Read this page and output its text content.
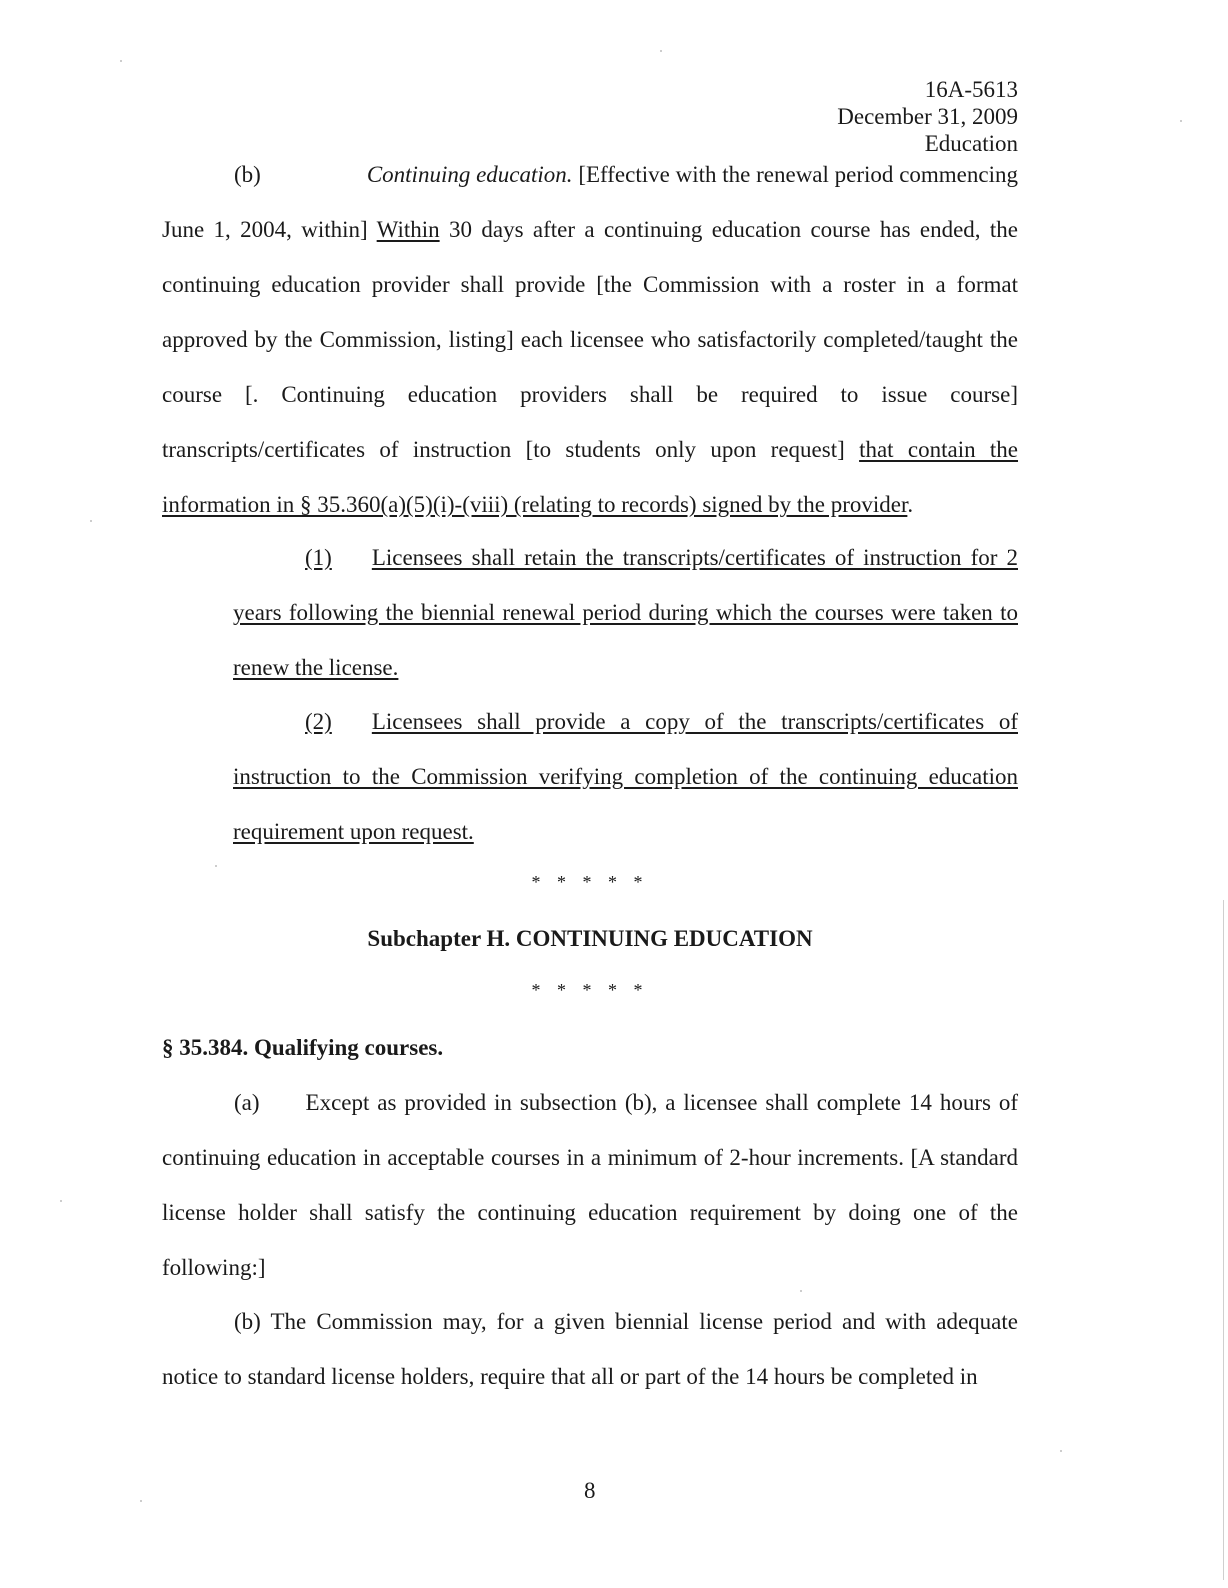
16A-5613
December 31, 2009
Education
(b)	Continuing education. [Effective with the renewal period commencing June 1, 2004, within] Within 30 days after a continuing education course has ended, the continuing education provider shall provide [the Commission with a roster in a format approved by the Commission, listing] each licensee who satisfactorily completed/taught the course [. Continuing education providers shall be required to issue course] transcripts/certificates of instruction [to students only upon request] that contain the information in § 35.360(a)(5)(i)-(viii) (relating to records) signed by the provider.
(1) Licensees shall retain the transcripts/certificates of instruction for 2 years following the biennial renewal period during which the courses were taken to renew the license.
(2) Licensees shall provide a copy of the transcripts/certificates of instruction to the Commission verifying completion of the continuing education requirement upon request.
* * * * *
Subchapter H. CONTINUING EDUCATION
* * * * *
§ 35.384. Qualifying courses.
(a) Except as provided in subsection (b), a licensee shall complete 14 hours of continuing education in acceptable courses in a minimum of 2-hour increments. [A standard license holder shall satisfy the continuing education requirement by doing one of the following:]
(b) The Commission may, for a given biennial license period and with adequate notice to standard license holders, require that all or part of the 14 hours be completed in
8
